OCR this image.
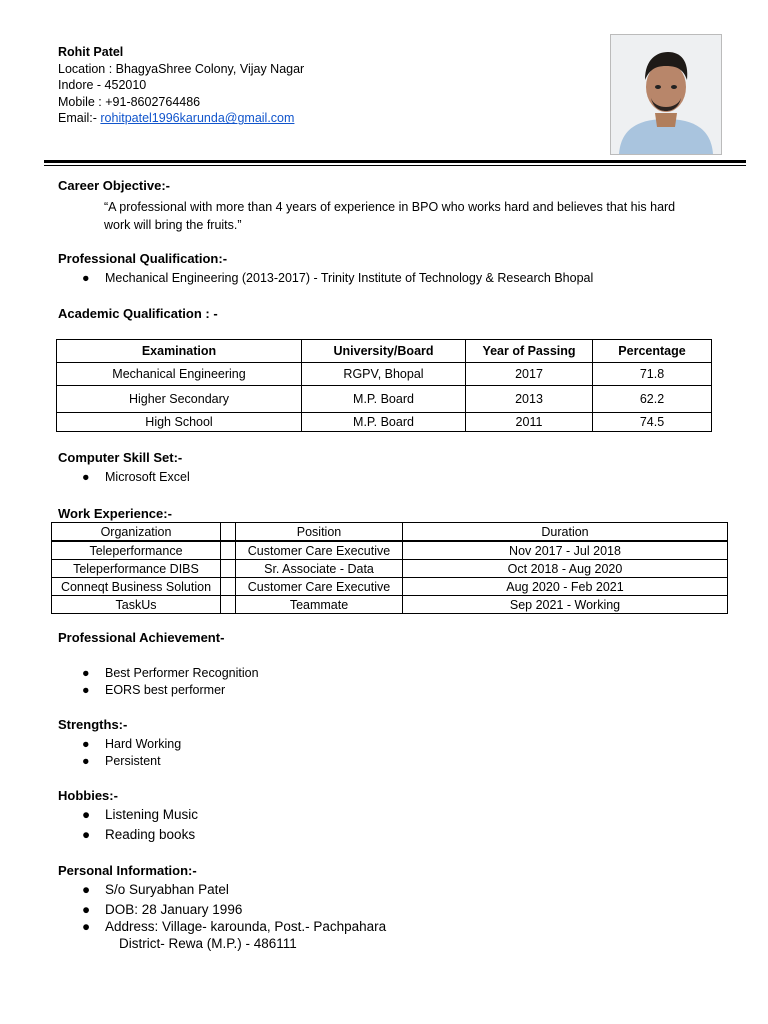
Rohit Patel
Location : BhagyaShree Colony, Vijay Nagar
Indore - 452010
Mobile : +91-8602764486
Email:- rohitpatel1996karunda@gmail.com
Career Objective:-
“A professional with more than 4 years of experience in BPO who works hard and believes that his hard
work will bring the fruits.”
Professional Qualification:-
● Mechanical Engineering (2013-2017) - Trinity Institute of Technology & Research Bhopal
Academic Qualification : -
Examination	University/Board	Year of Passing	Percentage
Mechanical Engineering	RGPV, Bhopal	2017	71.8
Higher Secondary	M.P. Board	2013	62.2
High School	M.P. Board	2011	74.5
Computer Skill Set:-
● Microsoft Excel
Work Experience:-
Organization		Position	Duration
Teleperformance		Customer Care Executive	Nov 2017 - Jul 2018
Teleperformance DIBS		Sr. Associate - Data	Oct 2018 - Aug 2020
Conneqt Business Solution		Customer Care Executive	Aug 2020 - Feb 2021
TaskUs		Teammate	Sep 2021 - Working
Professional Achievement-
● Best Performer Recognition
● EORS best performer
Strengths:-
● Hard Working
● Persistent
Hobbies:-
● Listening Music
● Reading books
Personal Information:-
● S/o Suryabhan Patel
● DOB: 28 January 1996
● Address: Village- karounda, Post.- Pachpahara
District- Rewa (M.P.) - 486111
